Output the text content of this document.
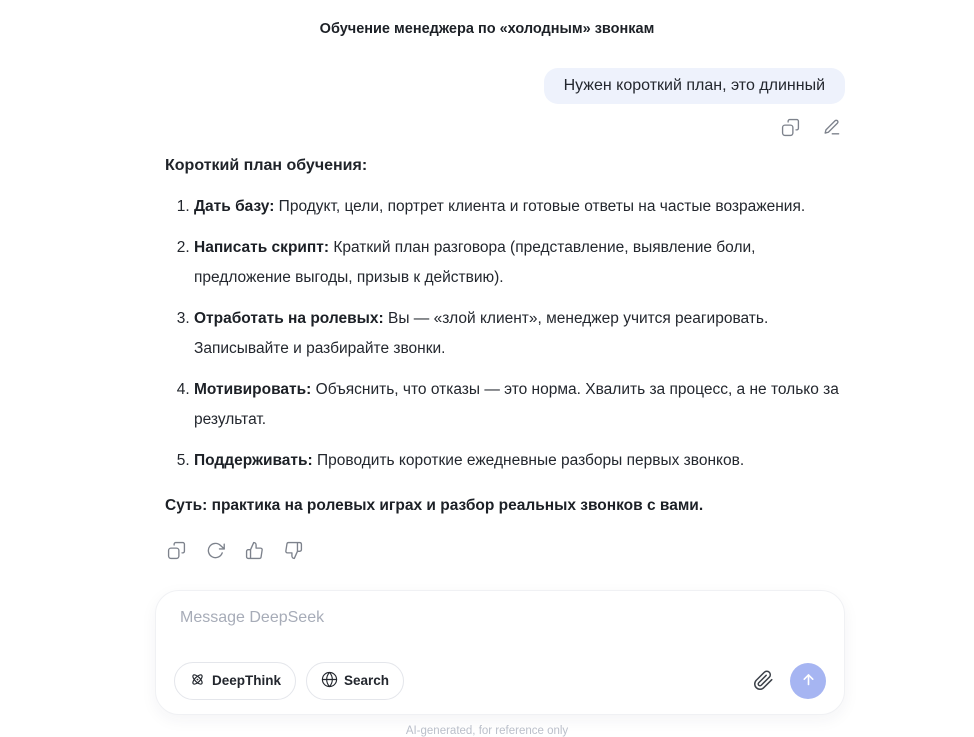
Обучение менеджера по «холодным» звонкам
Нужен короткий план, это длинный
Короткий план обучения:
1. Дать базу: Продукт, цели, портрет клиента и готовые ответы на частые возражения.
2. Написать скрипт: Краткий план разговора (представление, выявление боли, предложение выгоды, призыв к действию).
3. Отработать на ролевых: Вы — «злой клиент», менеджер учится реагировать. Записывайте и разбирайте звонки.
4. Мотивировать: Объяснить, что отказы — это норма. Хвалить за процесс, а не только за результат.
5. Поддерживать: Проводить короткие ежедневные разборы первых звонков.
Суть: практика на ролевых играх и разбор реальных звонков с вами.
Message DeepSeek
DeepThink	Search
AI-generated, for reference only
